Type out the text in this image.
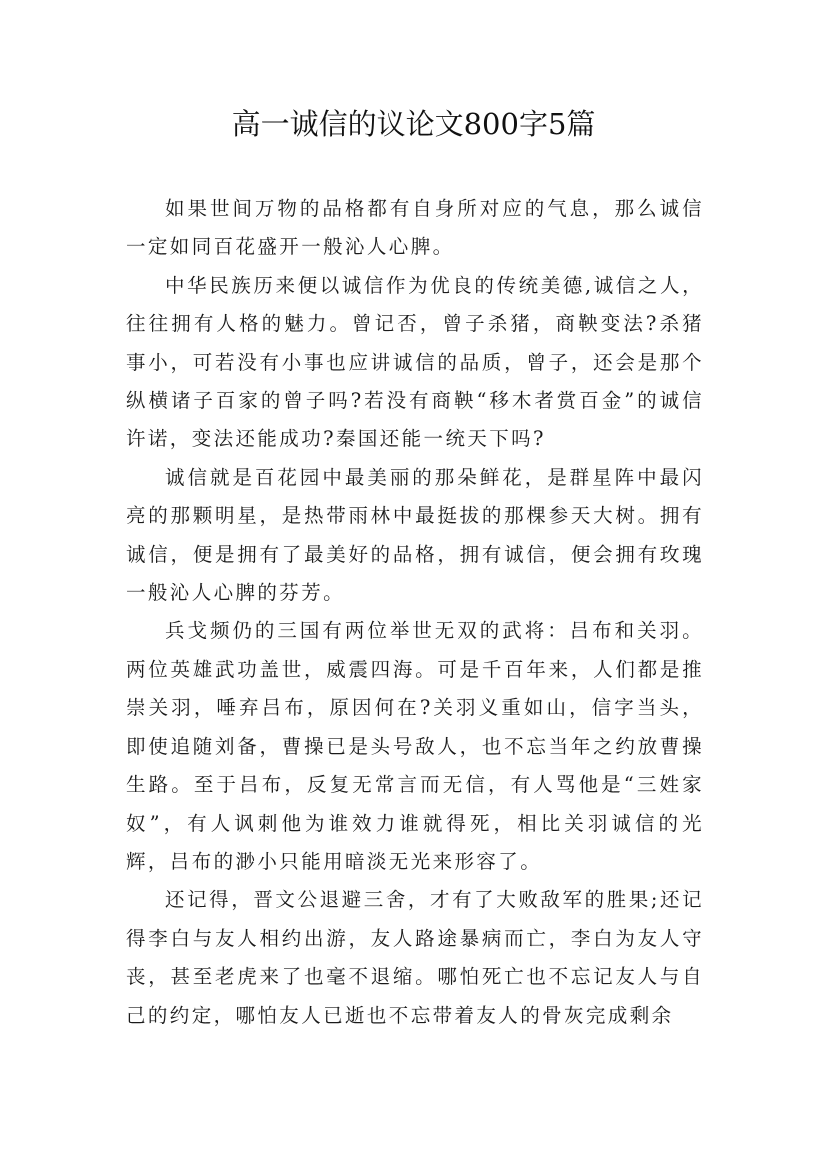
高一诚信的议论文800字5篇

如果世间万物的品格都有自身所对应的气息，那么诚信一定如同百花盛开一般沁人心脾。

中华民族历来便以诚信作为优良的传统美德,诚信之人，往往拥有人格的魅力。曾记否，曾子杀猪，商鞅变法?杀猪事小，可若没有小事也应讲诚信的品质，曾子，还会是那个纵横诸子百家的曾子吗?若没有商鞅“移木者赏百金”的诚信许诺，变法还能成功?秦国还能一统天下吗?

诚信就是百花园中最美丽的那朵鲜花，是群星阵中最闪亮的那颗明星，是热带雨林中最挺拔的那棵参天大树。拥有诚信，便是拥有了最美好的品格，拥有诚信，便会拥有玫瑰一般沁人心脾的芬芳。

兵戈频仍的三国有两位举世无双的武将：吕布和关羽。两位英雄武功盖世，威震四海。可是千百年来，人们都是推崇关羽，唾弃吕布，原因何在?关羽义重如山，信字当头，即使追随刘备，曹操已是头号敌人，也不忘当年之约放曹操生路。至于吕布，反复无常言而无信，有人骂他是“三姓家奴”，有人讽刺他为谁效力谁就得死，相比关羽诚信的光辉，吕布的渺小只能用暗淡无光来形容了。

还记得，晋文公退避三舍，才有了大败敌军的胜果;还记得李白与友人相约出游，友人路途暴病而亡，李白为友人守丧，甚至老虎来了也毫不退缩。哪怕死亡也不忘记友人与自己的约定，哪怕友人已逝也不忘带着友人的骨灰完成剩余
